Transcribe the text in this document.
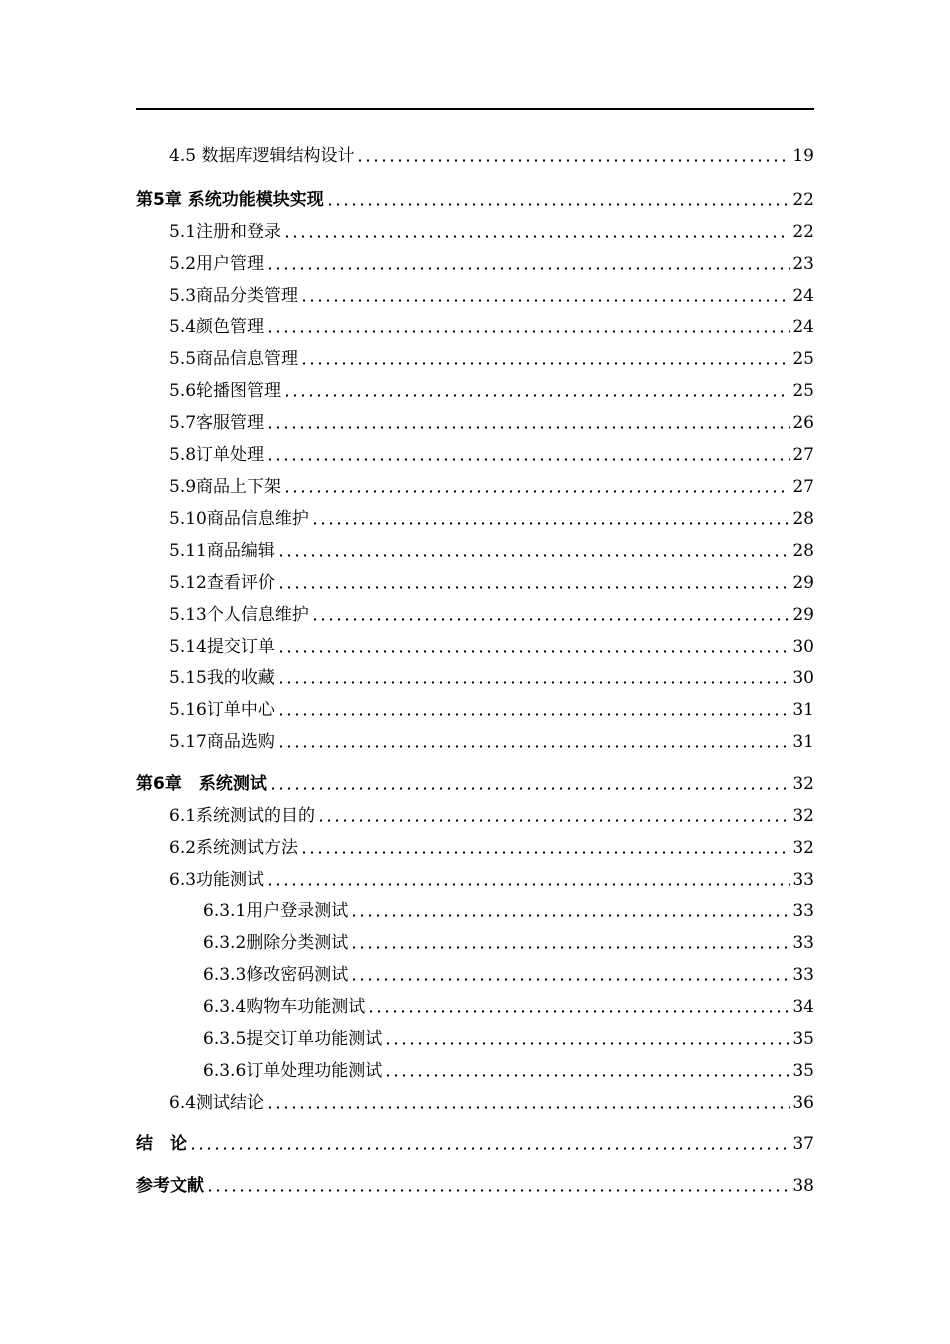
4.5 数据库逻辑结构设计	19
第5章 系统功能模块实现	22
5.1注册和登录	22
5.2用户管理	23
5.3商品分类管理	24
5.4颜色管理	24
5.5商品信息管理	25
5.6轮播图管理	25
5.7客服管理	26
5.8订单处理	27
5.9商品上下架	27
5.10商品信息维护	28
5.11商品编辑	28
5.12查看评价	29
5.13个人信息维护	29
5.14提交订单	30
5.15我的收藏	30
5.16订单中心	31
5.17商品选购	31
第6章　系统测试	32
6.1系统测试的目的	32
6.2系统测试方法	32
6.3功能测试	33
6.3.1用户登录测试	33
6.3.2删除分类测试	33
6.3.3修改密码测试	33
6.3.4购物车功能测试	34
6.3.5提交订单功能测试	35
6.3.6订单处理功能测试	35
6.4测试结论	36
结　论	37
参考文献	38
